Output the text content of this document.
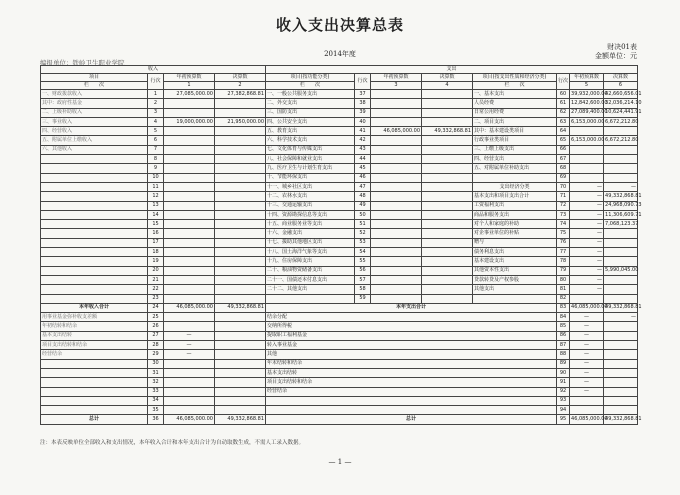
收入支出决算总表
财决01表
2014年度	金额单位：元
编报单位：铁岭卫生职业学院
收入				支出							
项目	行次	年初预算数	决算数	项目(按功能分类)	行次	年初预算数	决算数	项目(按支出性质和经济分类)	行次	年初预算数	决算数
栏　　 次		1	2	栏　　 次		3	4	栏　　 次		5	6
一、财政拨款收入	1	27,085,000.00	27,382,868.81	一、一般公共服务支出	37			一、基本支出	60	39,932,000.00	42,660,656.01
其中：政府性基金	2			二、外交支出	38			人员经费	61	12,842,600.00	32,036,214.10
二、上级补助收入	3			三、国防支出	39			日常公用经费	62	27,089,400.00	10,624,441.91
三、事业收入	4	19,000,000.00	21,950,000.00	四、公共安全支出	40			二、项目支出	63	6,153,000.00	6,672,212.80
四、经营收入	5			五、教育支出	41	46,085,000.00	49,332,868.81	其中：基本建设类项目	64		
五、附属单位上缴收入	6			六、科学技术支出	42			行政事业类项目	65	6,153,000.00	6,672,212.80
六、其他收入	7			七、文化体育与传媒支出	43			三、上缴上级支出	66		
	8			八、社会保障和就业支出	44			四、经营支出	67		
	9			九、医疗卫生与计划生育支出	45			五、对附属单位补助支出	68		
	10			十、节能环保支出	46				69		
	11			十一、城乡社区支出	47			支出经济分类	70	—	—
	12			十二、农林水支出	48			基本支出和项目支出合计	71	—	49,332,868.81
	13			十三、交通运输支出	49			工资福利支出	72	—	24,968,090.73
	14			十四、资源勘探信息等支出	50			商品和服务支出	73	—	11,306,609.71
	15			十五、商业服务业等支出	51			对个人和家庭的补助	74	—	7,068,123.37
	16			十六、金融支出	52			对企事业单位的补贴	75	—	
	17			十七、援助其他地区支出	53			赠与	76	—	
	18			十八、国土海洋气象等支出	54			债务利息支出	77	—	
	19			十九、住房保障支出	55			基本建设支出	78	—	
	20			二十、粮油物资储备支出	56			其他资本性支出	79	—	5,990,045.00
	21			二十一、国债还本付息支出	57			贷款转贷及产权参股	80	—	
	22			二十二、其他支出	58			其他支出	81	—	
	23				59				82		
本年收入合计	24	46,085,000.00	49,332,868.81	本年支出合计					83	46,085,000.00	49,332,868.81
用事业基金弥补收支差额	25			结余分配					84	—	—
年初结转和结余	26			交纳所得税					85	—	
基本支出结转	27	—		提取职工福利基金					86	—	
项目支出结转和结余	28	—		转入事业基金					87	—	
经营结余	29	—		其他					88	—	
	30			年末结转和结余					89	—	
	31			基本支出结转					90	—	
	32			项目支出结转和结余					91	—	
	33			经营结余					92	—	
	34								93		
	35								94		
总计	36	46,085,000.00	49,332,868.81	总计					95	46,085,000.00	49,332,868.81
注：本表反映单位全部收入和支出情况，本年收入合计和本年支出合计为自动取数生成，不需人工录入数据。
— 1 —
